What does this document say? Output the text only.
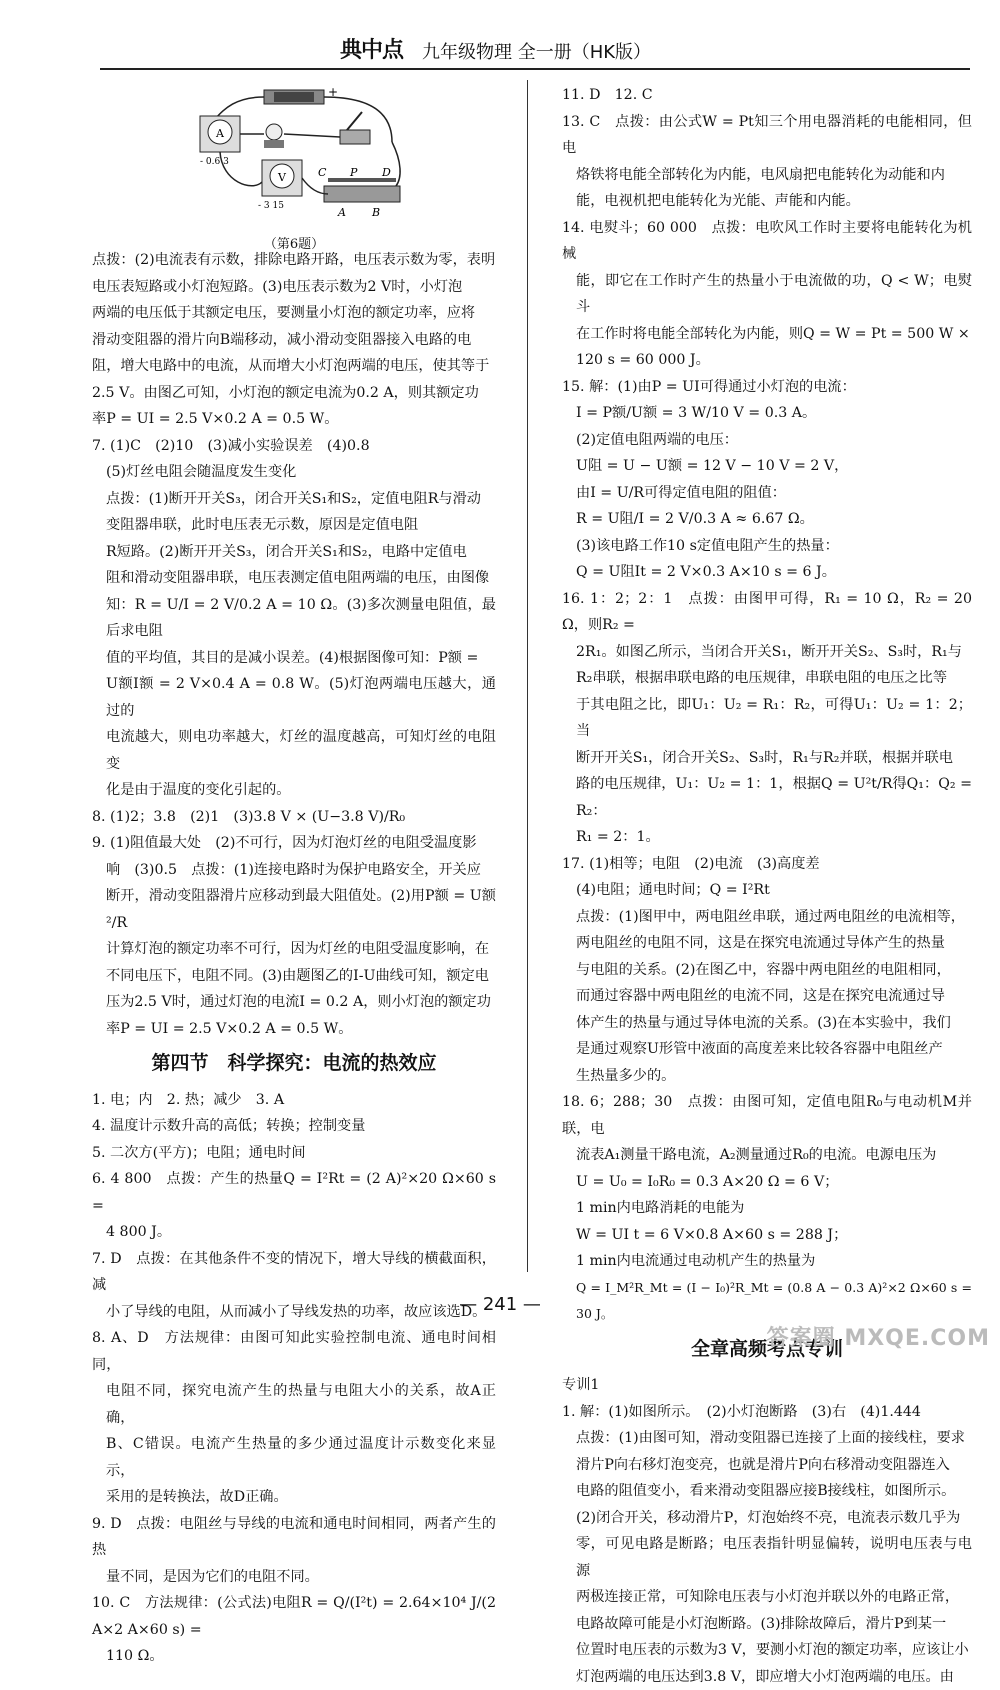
典中点 九年级物理 全一册（HK版）
+
A
- 0.6 3
V
- 3 15
C P D
A B
（第6题）

点拨：(2)电流表有示数，排除电路开路，电压表示数为零，表明

电压表短路或小灯泡短路。(3)电压表示数为2 V时，小灯泡

两端的电压低于其额定电压，要测量小灯泡的额定功率，应将

滑动变阻器的滑片向B端移动，减小滑动变阻器接入电路的电

阻，增大电路中的电流，从而增大小灯泡两端的电压，使其等于

2.5 V。由图乙可知，小灯泡的额定电流为0.2 A，则其额定功

率P = UI = 2.5 V×0.2 A = 0.5 W。

7. (1)C　(2)10　(3)减小实验误差　(4)0.8

(5)灯丝电阻会随温度发生变化

点拨：(1)断开开关S₃，闭合开关S₁和S₂，定值电阻R与滑动

变阻器串联，此时电压表无示数，原因是定值电阻

R短路。(2)断开开关S₃，闭合开关S₁和S₂，电路中定值电

阻和滑动变阻器串联，电压表测定值电阻两端的电压，由图像

知：R = U/I = 2 V/0.2 A = 10 Ω。(3)多次测量电阻值，最后求电阻

值的平均值，其目的是减小误差。(4)根据图像可知：P额 =

U额I额 = 2 V×0.4 A = 0.8 W。(5)灯泡两端电压越大，通过的

电流越大，则电功率越大，灯丝的温度越高，可知灯丝的电阻变

化是由于温度的变化引起的。

8. (1)2；3.8　(2)1　(3)3.8 V × (U−3.8 V)/R₀

9. (1)阻值最大处　(2)不可行，因为灯泡灯丝的电阻受温度影

响　(3)0.5　点拨：(1)连接电路时为保护电路安全，开关应

断开，滑动变阻器滑片应移动到最大阻值处。(2)用P额 = U额²/R

计算灯泡的额定功率不可行，因为灯丝的电阻受温度影响，在

不同电压下，电阻不同。(3)由题图乙的I-U曲线可知，额定电

压为2.5 V时，通过灯泡的电流I = 0.2 A，则小灯泡的额定功

率P = UI = 2.5 V×0.2 A = 0.5 W。

第四节　科学探究：电流的热效应

1. 电；内　2. 热；减少　3. A

4. 温度计示数升高的高低；转换；控制变量

5. 二次方(平方)；电阻；通电时间

6. 4 800　点拨：产生的热量Q = I²Rt = (2 A)²×20 Ω×60 s =

4 800 J。

7. D　点拨：在其他条件不变的情况下，增大导线的横截面积，减

小了导线的电阻，从而减小了导线发热的功率，故应该选D。

8. A、D　方法规律：由图可知此实验控制电流、通电时间相同，

电阻不同，探究电流产生的热量与电阻大小的关系，故A正确，

B、C错误。电流产生热量的多少通过温度计示数变化来显示，

采用的是转换法，故D正确。

9. D　点拨：电阻丝与导线的电流和通电时间相同，两者产生的热

量不同，是因为它们的电阻不同。

10. C　方法规律：(公式法)电阻R = Q/(I²t) = 2.64×10⁴ J/(2 A×2 A×60 s) =

110 Ω。

11. D　12. C

13. C　点拨：由公式W = Pt知三个用电器消耗的电能相同，但电

烙铁将电能全部转化为内能，电风扇把电能转化为动能和内

能，电视机把电能转化为光能、声能和内能。

14. 电熨斗；60 000　点拨：电吹风工作时主要将电能转化为机械

能，即它在工作时产生的热量小于电流做的功，Q < W；电熨斗

在工作时将电能全部转化为内能，则Q = W = Pt = 500 W ×

120 s = 60 000 J。

15. 解：(1)由P = UI可得通过小灯泡的电流：

I = P额/U额 = 3 W/10 V = 0.3 A。

(2)定值电阻两端的电压：

U阻 = U − U额 = 12 V − 10 V = 2 V，

由I = U/R可得定值电阻的阻值：

R = U阻/I = 2 V/0.3 A ≈ 6.67 Ω。

(3)该电路工作10 s定值电阻产生的热量：

Q = U阻It = 2 V×0.3 A×10 s = 6 J。

16. 1：2；2：1　点拨：由图甲可得，R₁ = 10 Ω，R₂ = 20 Ω，则R₂ =

2R₁。如图乙所示，当闭合开关S₁，断开开关S₂、S₃时，R₁与

R₂串联，根据串联电路的电压规律，串联电阻的电压之比等

于其电阻之比，即U₁：U₂ = R₁：R₂，可得U₁：U₂ = 1：2；当

断开开关S₁，闭合开关S₂、S₃时，R₁与R₂并联，根据并联电

路的电压规律，U₁：U₂ = 1：1，根据Q = U²t/R得Q₁：Q₂ = R₂：

R₁ = 2：1。

17. (1)相等；电阻　(2)电流　(3)高度差

(4)电阻；通电时间；Q = I²Rt

点拨：(1)图甲中，两电阻丝串联，通过两电阻丝的电流相等，

两电阻丝的电阻不同，这是在探究电流通过导体产生的热量

与电阻的关系。(2)在图乙中，容器中两电阻丝的电阻相同，

而通过容器中两电阻丝的电流不同，这是在探究电流通过导

体产生的热量与通过导体电流的关系。(3)在本实验中，我们

是通过观察U形管中液面的高度差来比较各容器中电阻丝产

生热量多少的。

18. 6；288；30　点拨：由图可知，定值电阻R₀与电动机M并联，电

流表A₁测量干路电流，A₂测量通过R₀的电流。电源电压为

U = U₀ = I₀R₀ = 0.3 A×20 Ω = 6 V；

1 min内电路消耗的电能为

W = UI t = 6 V×0.8 A×60 s = 288 J；

1 min内电流通过电动机产生的热量为

Q = I_M²R_Mt = (I − I₀)²R_Mt = (0.8 A − 0.3 A)²×2 Ω×60 s = 30 J。

全章高频考点专训

专训1

1. 解：(1)如图所示。　(2)小灯泡断路　(3)右　(4)1.444

点拨：(1)由图可知，滑动变阻器已连接了上面的接线柱，要求

滑片P向右移灯泡变亮，也就是滑片P向右移滑动变阻器连入

电路的阻值变小，看来滑动变阻器应接B接线柱，如图所示。

(2)闭合开关，移动滑片P，灯泡始终不亮，电流表示数几乎为

零，可见电路是断路；电压表指针明显偏转，说明电压表与电源

两极连接正常，可知除电压表与小灯泡并联以外的电路正常，

电路故障可能是小灯泡断路。(3)排除故障后，滑片P到某一

位置时电压表的示数为3 V，要测小灯泡的额定功率，应该让小

灯泡两端的电压达到3.8 V，即应增大小灯泡两端的电压。由

— 241 —
答案圈 MXQE.COM
